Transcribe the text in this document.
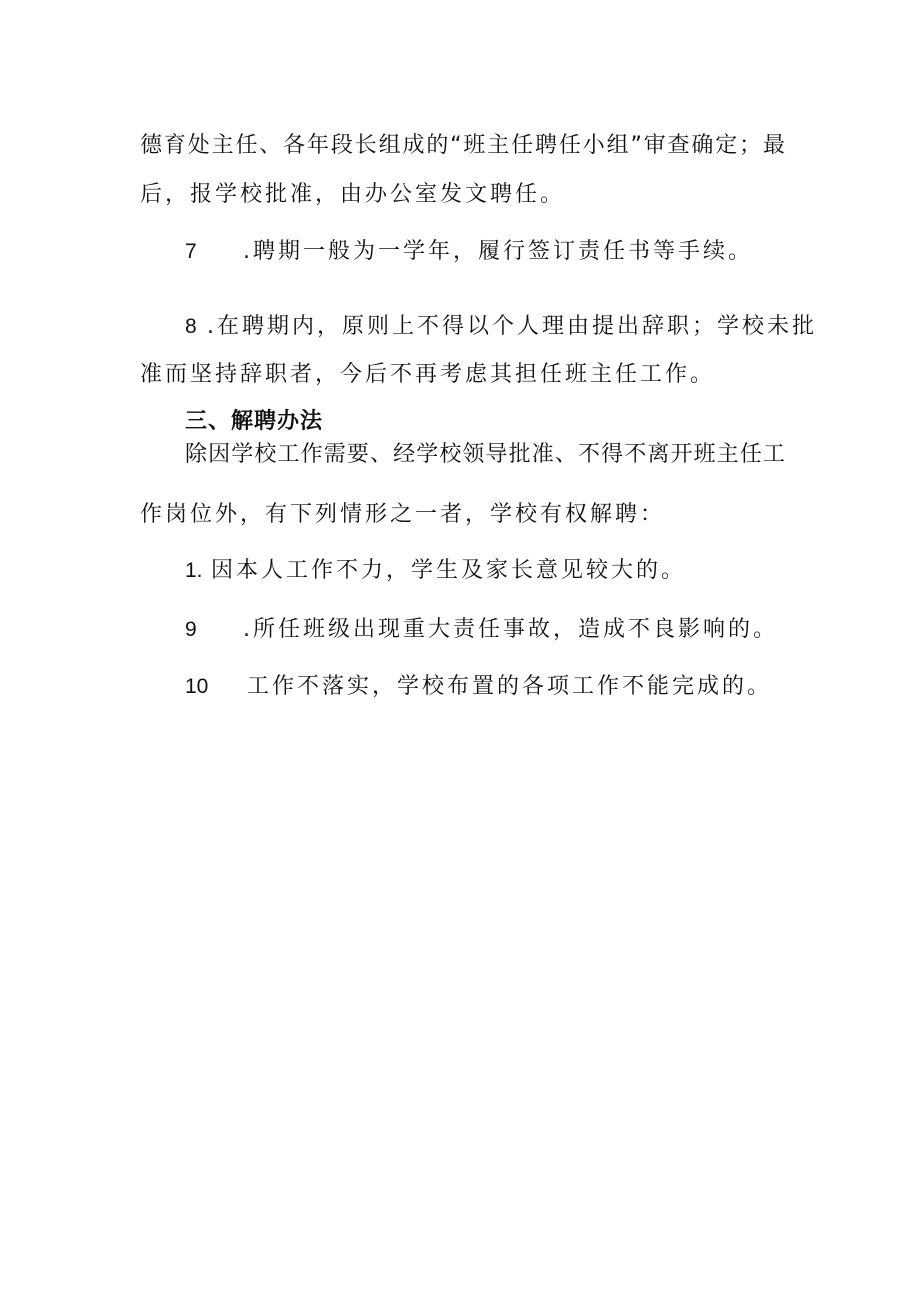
德育处主任、各年段长组成的“班主任聘任小组”审查确定；最
后，报学校批准，由办公室发文聘任。
7 .聘期一般为一学年，履行签订责任书等手续。
8 .在聘期内，原则上不得以个人理由提出辞职；学校未批
准而坚持辞职者，今后不再考虑其担任班主任工作。
三、解聘办法
除因学校工作需要、经学校领导批准、不得不离开班主任工
作岗位外，有下列情形之一者，学校有权解聘：
1. 因本人工作不力，学生及家长意见较大的。
9 .所任班级出现重大责任事故，造成不良影响的。
10 工作不落实，学校布置的各项工作不能完成的。
